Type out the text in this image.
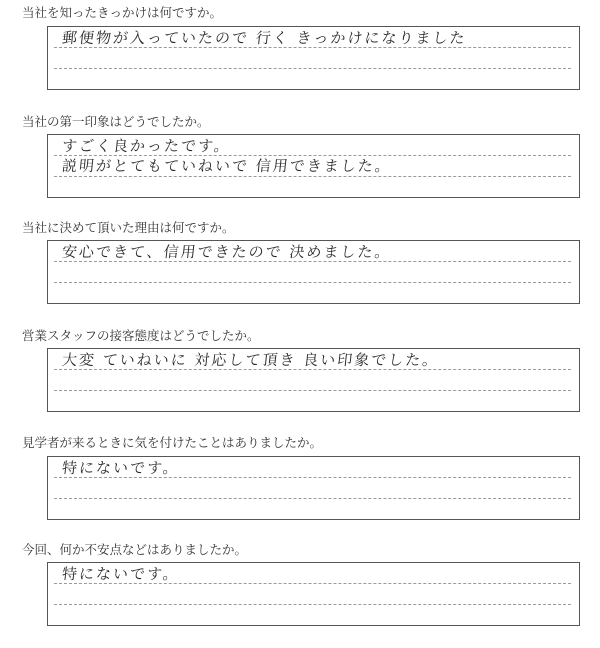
当社を知ったきっかけは何ですか。
郵便物が入っていたので 行く きっかけになりました
当社の第一印象はどうでしたか。
すごく良かったです。
説明がとてもていねいで 信用できました。
当社に決めて頂いた理由は何ですか。
安心できて、信用できたので 決めました。
営業スタッフの接客態度はどうでしたか。
大変 ていねいに 対応して頂き 良い印象でした。
見学者が来るときに気を付けたことはありましたか。
特にないです。
今回、何か不安点などはありましたか。
特にないです。
